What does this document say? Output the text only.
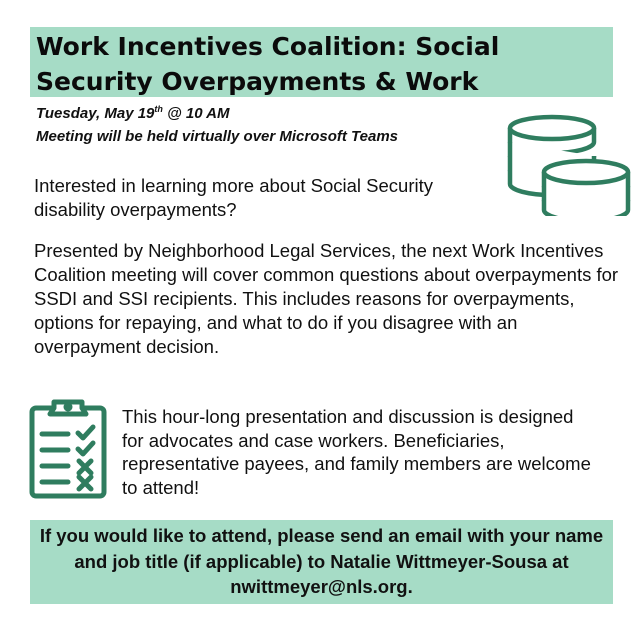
Work Incentives Coalition: Social Security Overpayments & Work
Tuesday, May 19th @ 10 AM
Meeting will be held virtually over Microsoft Teams

Interested in learning more about Social Security disability overpayments?

Presented by Neighborhood Legal Services, the next Work Incentives Coalition meeting will cover common questions about overpayments for SSDI and SSI recipients. This includes reasons for overpayments, options for repaying, and what to do if you disagree with an overpayment decision.

This hour-long presentation and discussion is designed for advocates and case workers. Beneficiaries, representative payees, and family members are welcome to attend!

If you would like to attend, please send an email with your name and job title (if applicable) to Natalie Wittmeyer-Sousa at nwittmeyer@nls.org.
